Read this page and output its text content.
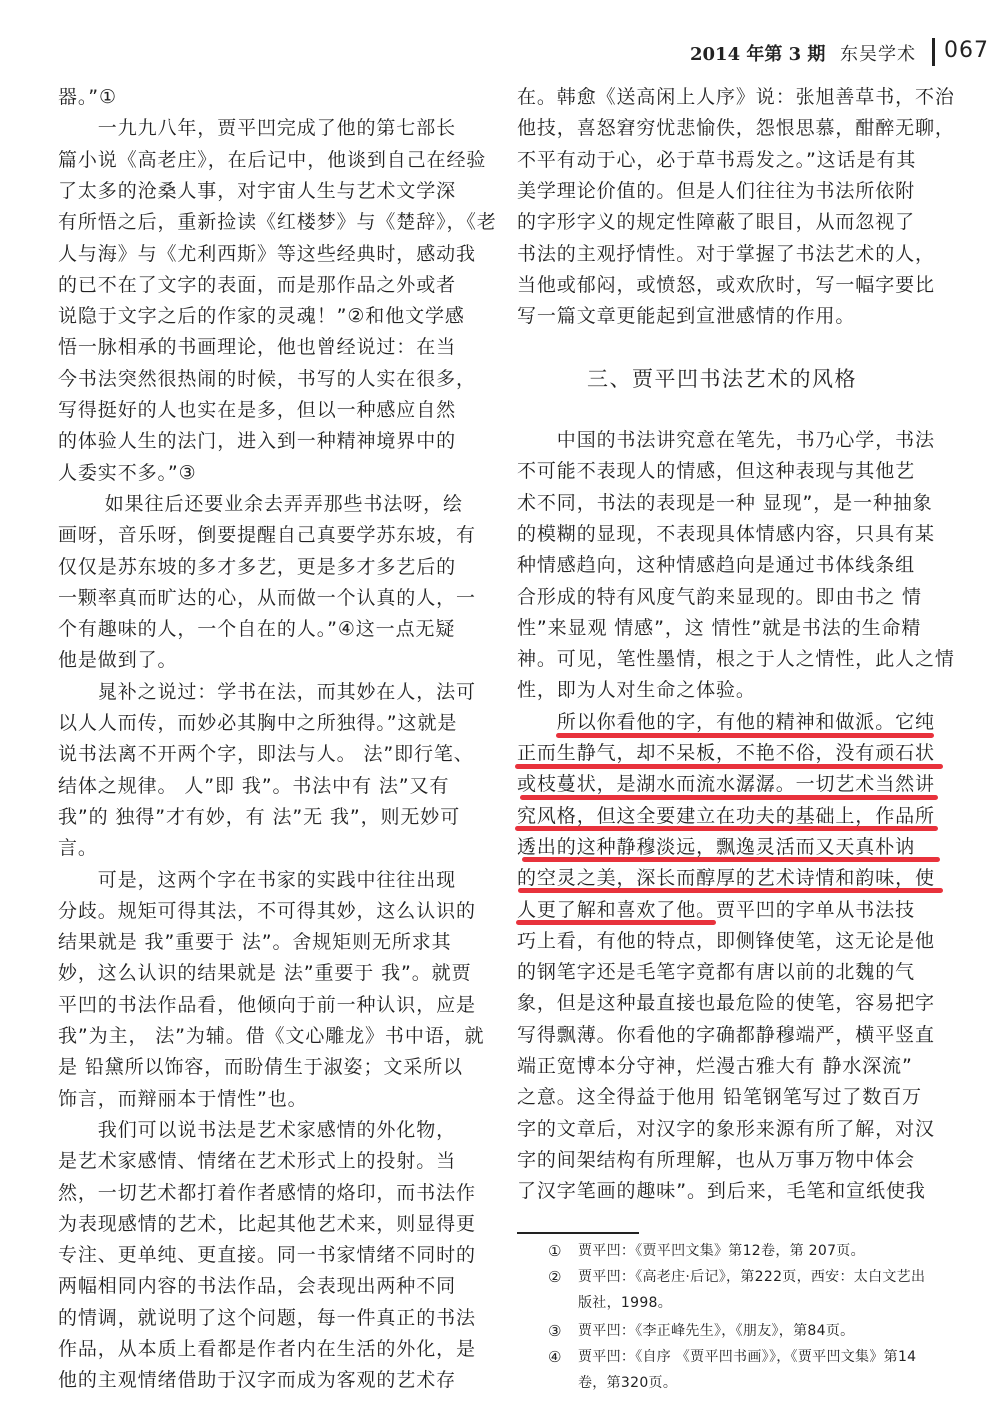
2014 年第 3 期 东吴学术 067
器。”①
　　一九九八年，贾平凹完成了他的第七部长
篇小说《高老庄》，在后记中，他谈到自己在经验
了太多的沧桑人事，对宇宙人生与艺术文学深
有所悟之后，重新捡读《红楼梦》与《楚辞》，《老
人与海》与《尤利西斯》等这些经典时，感动我
的已不在了文字的表面，而是那作品之外或者
说隐于文字之后的作家的灵魂！”②和他文学感
悟一脉相承的书画理论，他也曾经说过：在当
今书法突然很热闹的时候，书写的人实在很多，
写得挺好的人也实在是多，但以一种感应自然
的体验人生的法门，进入到一种精神境界中的
人委实不多。”③
　　 如果往后还要业余去弄弄那些书法呀，绘
画呀，音乐呀，倒要提醒自己真要学苏东坡，有
仅仅是苏东坡的多才多艺，更是多才多艺后的
一颗率真而旷达的心，从而做一个认真的人，一
个有趣味的人，一个自在的人。”④这一点无疑
他是做到了。
　　晁补之说过：学书在法，而其妙在人，法可
以人人而传，而妙必其胸中之所独得。”这就是
说书法离不开两个字，即法与人。 法”即行笔、
结体之规律。 人”即 我”。书法中有 法”又有
我”的 独得”才有妙，有 法”无 我”，则无妙可
言。
　　可是，这两个字在书家的实践中往往出现
分歧。规矩可得其法，不可得其妙，这么认识的
结果就是 我”重要于 法”。舍规矩则无所求其
妙，这么认识的结果就是 法”重要于 我”。就贾
平凹的书法作品看，他倾向于前一种认识，应是
我”为主， 法”为辅。借《文心雕龙》书中语，就
是 铅黛所以饰容，而盼倩生于淑姿；文采所以
饰言，而辩丽本于情性”也。
　　我们可以说书法是艺术家感情的外化物，
是艺术家感情、情绪在艺术形式上的投射。当
然，一切艺术都打着作者感情的烙印，而书法作
为表现感情的艺术，比起其他艺术来，则显得更
专注、更单纯、更直接。同一书家情绪不同时的
两幅相同内容的书法作品，会表现出两种不同
的情调，就说明了这个问题，每一件真正的书法
作品，从本质上看都是作者内在生活的外化，是
他的主观情绪借助于汉字而成为客观的艺术存
在。韩愈《送高闲上人序》说：张旭善草书，不治
他技，喜怒窘穷忧悲愉佚，怨恨思慕，酣醉无聊，
不平有动于心，必于草书焉发之。”这话是有其
美学理论价值的。但是人们往往为书法所依附
的字形字义的规定性障蔽了眼目，从而忽视了
书法的主观抒情性。对于掌握了书法艺术的人，
当他或郁闷，或愤怒，或欢欣时，写一幅字要比
写一篇文章更能起到宣泄感情的作用。
　　中国的书法讲究意在笔先，书乃心学，书法
不可能不表现人的情感，但这种表现与其他艺
术不同，书法的表现是一种 显现”，是一种抽象
的模糊的显现，不表现具体情感内容，只具有某
种情感趋向，这种情感趋向是通过书体线条组
合形成的特有风度气韵来显现的。即由书之 情
性”来显观 情感”，这 情性”就是书法的生命精
神。可见，笔性墨情，根之于人之情性，此人之情
性，即为人对生命之体验。
　　所以你看他的字，有他的精神和做派。它纯
正而生静气，却不呆板，不艳不俗，没有顽石状
或枝蔓状，是湖水而流水潺潺。一切艺术当然讲
究风格，但这全要建立在功夫的基础上，作品所
透出的这种静穆淡远，飘逸灵活而又天真朴讷
的空灵之美，深长而醇厚的艺术诗情和韵味，使
人更了解和喜欢了他。贾平凹的字单从书法技
巧上看，有他的特点，即侧锋使笔，这无论是他
的钢笔字还是毛笔字竟都有唐以前的北魏的气
象，但是这种最直接也最危险的使笔，容易把字
写得飘薄。你看他的字确都静穆端严，横平竖直
端正宽博本分守神，烂漫古雅大有 静水深流”
之意。这全得益于他用 铅笔钢笔写过了数百万
字的文章后，对汉字的象形来源有所了解，对汉
字的间架结构有所理解，也从万事万物中体会
了汉字笔画的趣味”。到后来，毛笔和宣纸使我
三、贾平凹书法艺术的风格
① 贾平凹：《贾平凹文集》第12卷，第 207页。
② 贾平凹：《高老庄·后记》，第222页，西安：太白文艺出
版社，1998。
③ 贾平凹：《李正峰先生》，《朋友》，第84页。
④ 贾平凹：《自序 《贾平凹书画》》，《贾平凹文集》第14
卷，第320页。
